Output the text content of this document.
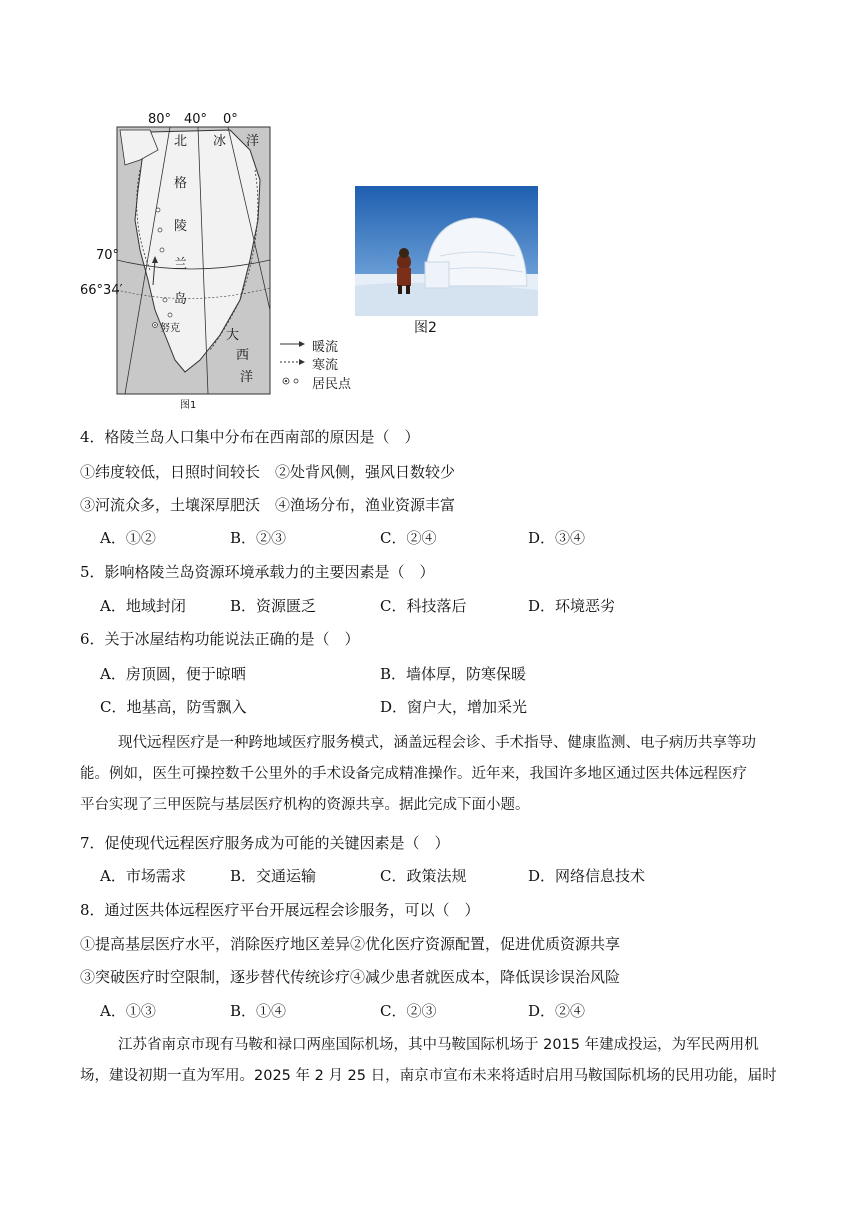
80° 40° 0°
70°
66°34′
北 冰 洋
格
陵
兰
岛
大
西
洋
努克
图1
暖流
寒流
居民点
图2
4．格陵兰岛人口集中分布在西南部的原因是（　）
①纬度较低，日照时间较长　②处背风侧，强风日数较少
③河流众多，土壤深厚肥沃　④渔场分布，渔业资源丰富
A．①②	B．②③	C．②④	D．③④
5．影响格陵兰岛资源环境承载力的主要因素是（　）
A．地域封闭	B．资源匮乏	C．科技落后	D．环境恶劣
6．关于冰屋结构功能说法正确的是（　）
A．房顶圆，便于晾晒	B．墙体厚，防寒保暖
C．地基高，防雪飘入	D．窗户大，增加采光
现代远程医疗是一种跨地域医疗服务模式，涵盖远程会诊、手术指导、健康监测、电子病历共享等功
能。例如，医生可操控数千公里外的手术设备完成精准操作。近年来，我国许多地区通过医共体远程医疗
平台实现了三甲医院与基层医疗机构的资源共享。据此完成下面小题。
7．促使现代远程医疗服务成为可能的关键因素是（　）
A．市场需求	B．交通运输	C．政策法规	D．网络信息技术
8．通过医共体远程医疗平台开展远程会诊服务，可以（　）
①提高基层医疗水平，消除医疗地区差异②优化医疗资源配置，促进优质资源共享
③突破医疗时空限制，逐步替代传统诊疗④减少患者就医成本，降低误诊误治风险
A．①③	B．①④	C．②③	D．②④
江苏省南京市现有马鞍和禄口两座国际机场，其中马鞍国际机场于 2015 年建成投运，为军民两用机
场，建设初期一直为军用。2025 年 2 月 25 日，南京市宣布未来将适时启用马鞍国际机场的民用功能，届时
